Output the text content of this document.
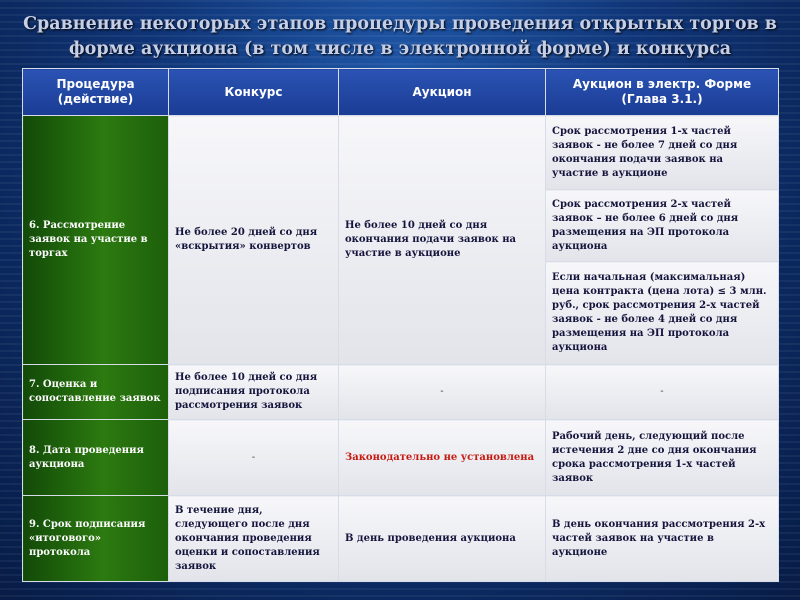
Сравнение некоторых этапов процедуры проведения открытых торгов в
форме аукциона (в том числе в электронной форме) и конкурса
Процедура (действие)	Конкурс	Аукцион	Аукцион в электр. Форме (Глава 3.1.)
6. Рассмотрение заявок на участие в торгах	Не более 20 дней со дня «вскрытия» конвертов	Не более 10 дней со дня окончания подачи заявок на участие в аукционе	Срок рассмотрения 1-х частей заявок - не более 7 дней со дня окончания подачи заявок на участие в аукционе
			Срок рассмотрения 2-х частей заявок – не более 6 дней со дня размещения на ЭП протокола аукциона
			Если начальная (максимальная) цена контракта (цена лота) ≤ 3 млн. руб., срок рассмотрения 2-х частей заявок - не более 4 дней со дня размещения на ЭП протокола аукциона
7. Оценка и сопоставление заявок	Не более 10 дней со дня подписания протокола рассмотрения заявок	-	-
8. Дата проведения аукциона	-	Законодательно не установлена	Рабочий день, следующий после истечения 2 дне со дня окончания срока рассмотрения 1-х частей заявок
9. Срок подписания «итогового» протокола	В течение дня, следующего после дня окончания проведения оценки и сопоставления заявок	В день проведения аукциона	В день окончания рассмотрения 2-х частей заявок на участие в аукционе
